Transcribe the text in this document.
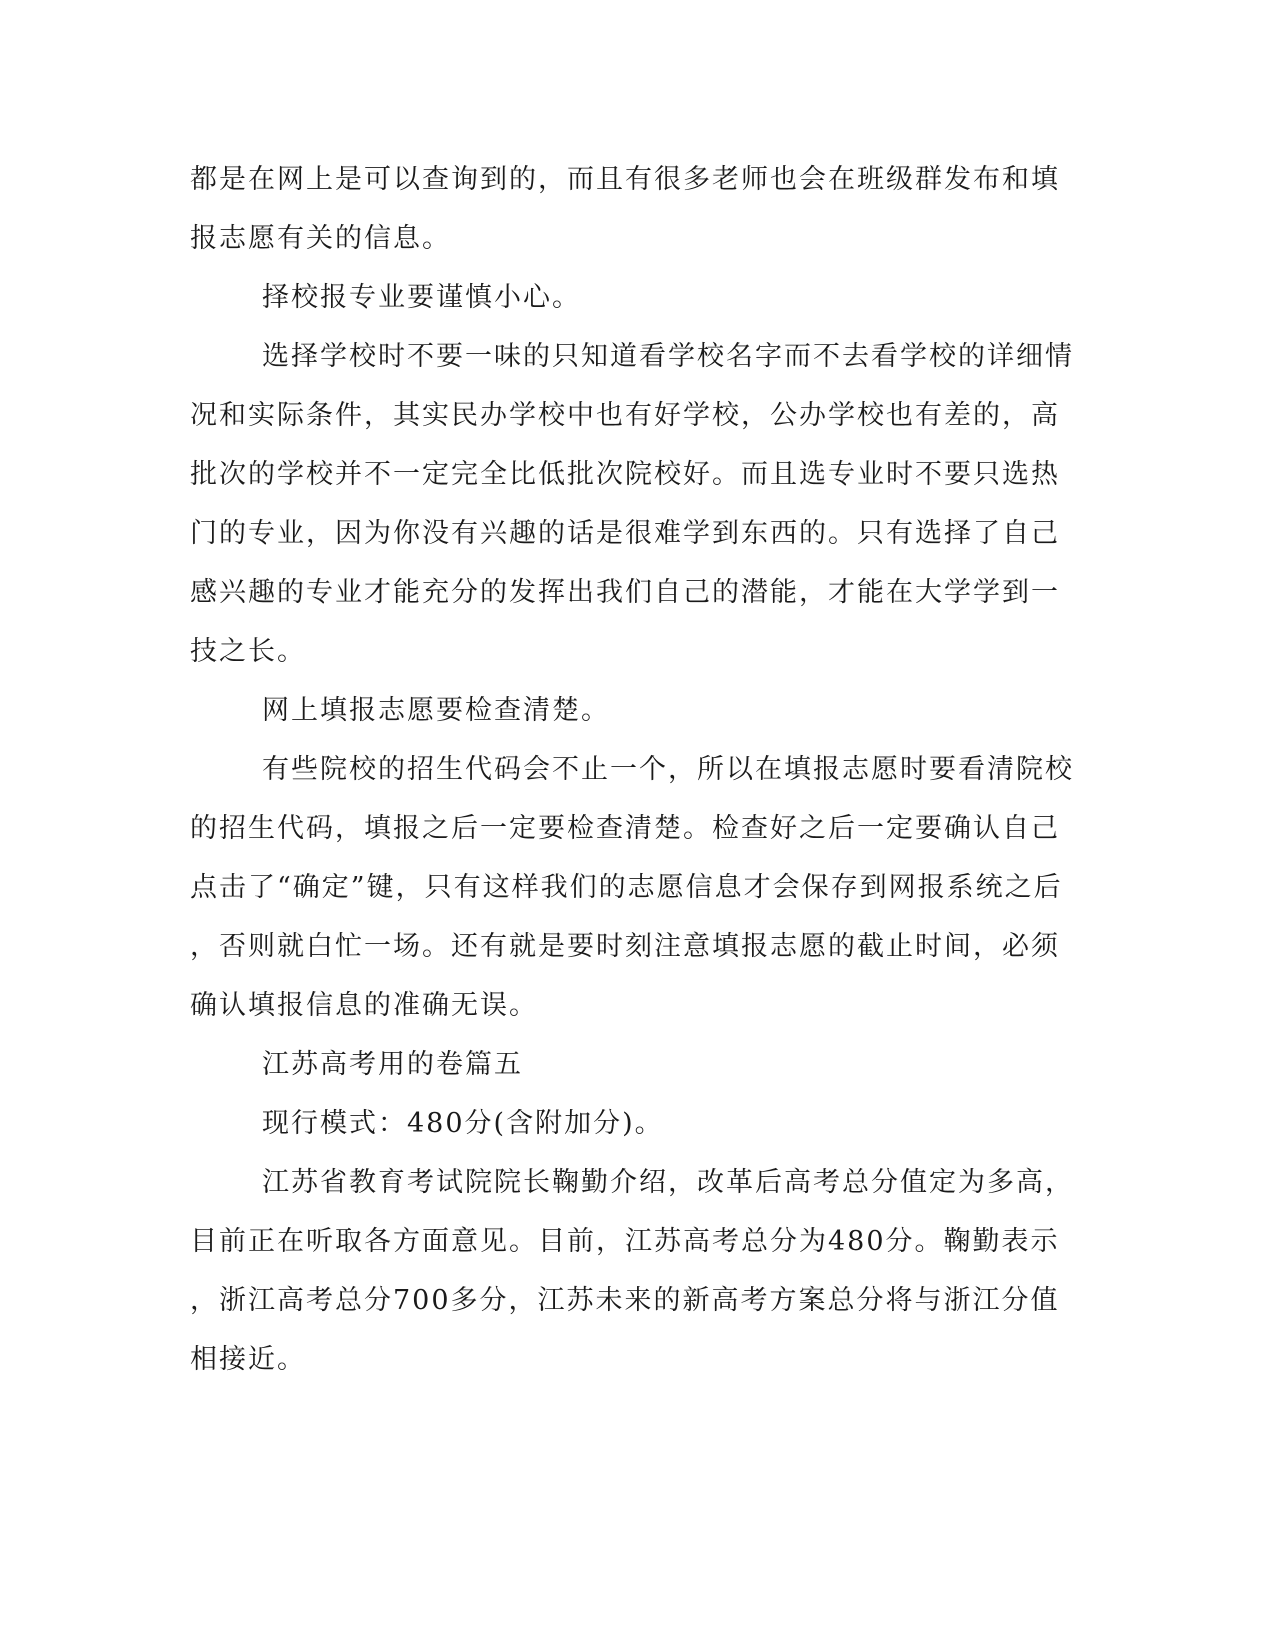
都是在网上是可以查询到的，而且有很多老师也会在班级群发布和填
报志愿有关的信息。
择校报专业要谨慎小心。
选择学校时不要一味的只知道看学校名字而不去看学校的详细情
况和实际条件，其实民办学校中也有好学校，公办学校也有差的，高
批次的学校并不一定完全比低批次院校好。而且选专业时不要只选热
门的专业，因为你没有兴趣的话是很难学到东西的。只有选择了自己
感兴趣的专业才能充分的发挥出我们自己的潜能，才能在大学学到一
技之长。
网上填报志愿要检查清楚。
有些院校的招生代码会不止一个，所以在填报志愿时要看清院校
的招生代码，填报之后一定要检查清楚。检查好之后一定要确认自己
点击了“确定”键，只有这样我们的志愿信息才会保存到网报系统之后
，否则就白忙一场。还有就是要时刻注意填报志愿的截止时间，必须
确认填报信息的准确无误。
江苏高考用的卷篇五
现行模式：480分(含附加分)。
江苏省教育考试院院长鞠勤介绍，改革后高考总分值定为多高，
目前正在听取各方面意见。目前，江苏高考总分为480分。鞠勤表示
，浙江高考总分700多分，江苏未来的新高考方案总分将与浙江分值
相接近。
